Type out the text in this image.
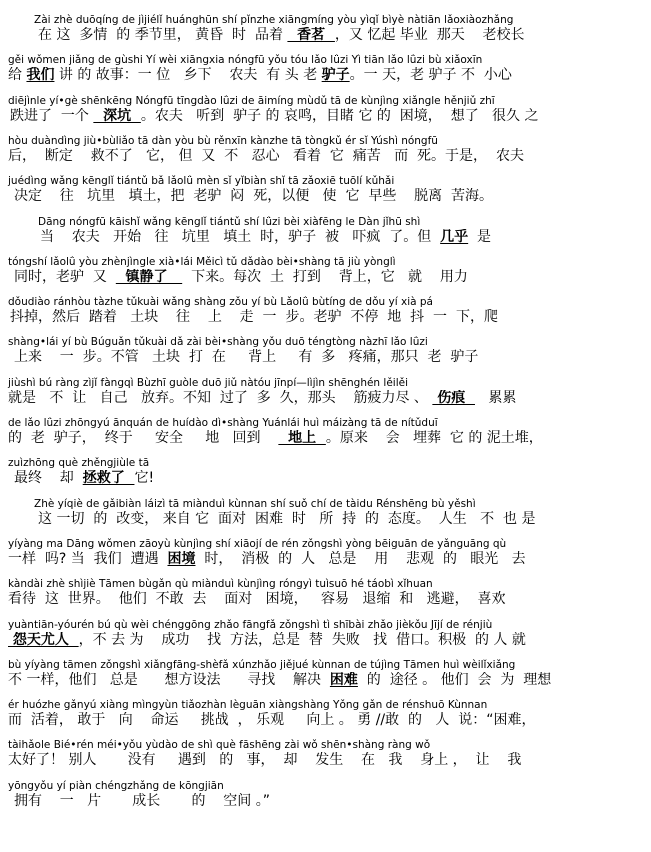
Zài zhè duōqíng de jìjiélǐ huánghūn shí pǐnzhe xiāngmíng yòu yìqǐ bìyè nàtiān lǎoxiàozhǎng
在 这  多情  的 季节里， 黄昏  时  品着   香茗  ，又 忆起 毕业  那天    老校长
gěi wǒmen jiǎng de gùshi Yí wèi xiāngxia nóngfū yǒu tóu lǎo lǘzi Yì tiān lǎo lǘzi bù xiǎoxīn
给 我们 讲 的 故事：一 位   乡下    农夫  有 头 老 驴子。一 天，老 驴子 不  小心
diējìnle yí•gè shēnkēng Nóngfū tīngdào lǘzi de āimíng mùdǔ tā de kùnjìng xiǎngle hěnjiǔ zhī
跌进了  一个   深坑  。农夫   听到  驴子 的 哀鸣，目睹 它 的  困境，  想了   很久 之
hòu duàndìng jiù•bùliǎo tā dàn yòu bù rěnxīn kànzhe tā tòngkǔ ér sǐ Yúshì nóngfū
后，  断定    救不了   它， 但  又  不   忍心   看着  它  痛苦   而  死。于是，  农夫
juédìng wǎng kēnglǐ tiántǔ bǎ lǎolǘ mèn sǐ yǐbiàn shǐ tā zǎoxiē tuōlí kǔhǎi
决定    往   坑里   填土，把  老驴  闷  死，以便   使  它  早些    脱离  苦海。
Dāng nóngfū kāishǐ wǎng kēnglǐ tiántǔ shí lǘzi bèi xiàfēng le Dàn jǐhū shì
当    农夫   开始   往   坑里   填土  时，驴子  被   吓疯  了。但  几乎  是
tóngshí lǎolǘ yòu zhènjìngle xià•lái Měicì tǔ dǎdào bèi•shàng tā jiù yònglì
同时，老驴  又    镇静了     下来。每次  土  打到    背上，它   就    用力
dǒudiào ránhòu tàzhe tǔkuài wǎng shàng zǒu yí bù Lǎolǘ bùtíng de dǒu yí xià pá
抖掉，然后  踏着   土块    往    上    走  一  步。老驴  不停  地  抖  一  下，爬
shàng•lái yí bù Búguǎn tǔkuài dǎ zài bèi•shàng yǒu duō téngtòng nàzhī lǎo lǘzi
上来    一  步。不管   土块  打  在     背上     有  多   疼痛，那只  老  驴子
jiùshì bú ràng zìjǐ fàngqì Bùzhī guòle duō jiǔ nàtóu jīnpí—lìjìn shēnghén lěilěi
就是   不  让   自己   放弃。不知  过了  多  久，那头    筋疲力尽 、  伤痕     累累
de lǎo lǘzi zhōngyú ānquán de huídào dì•shàng Yuánlái huì máizàng tā de nítǔduī
的  老  驴子，  终于     安全     地   回到      地上  。原来    会   埋葬  它 的 泥土堆，
zuìzhōng què zhěngjiùle tā
最终    却  拯救了  它!
Zhè yíqiè de gǎibiàn láizì tā miànduì kùnnan shí suǒ chí de tàidu Rénshēng bù yěshì
这 一切  的  改变， 来自 它  面对  困难  时   所  持  的  态度。  人生   不  也 是
yíyàng ma Dāng wǒmen zāoyù kùnjìng shí xiāojí de rén zǒngshì yòng bēiguān de yǎnguāng qù
一样  吗? 当  我们  遭遇  困境  时，  消极  的  人   总是    用    悲观  的   眼光   去
kàndài zhè shìjiè Tāmen bùgǎn qù miànduì kùnjìng róngyì tuìsuō hé táobì xǐhuan
看待  这  世界。  他们  不敢  去    面对   困境，   容易   退缩  和   逃避，  喜欢
yuàntiān-yóurén bú qù wèi chénggōng zhǎo fāngfǎ zǒngshì tì shībài zhǎo jièkǒu Jījí de rénjiù
怨天尤人  ，不 去 为    成功    找  方法，总是  替  失败   找  借口。积极  的 人 就
bù yíyàng tāmen zǒngshì xiǎngfāng-shèfǎ xúnzhǎo jiějué kùnnan de tújìng Tāmen huì wèilǐxiǎng
不 一样，他们   总是      想方设法      寻找    解决  困难  的  途径 。 他们  会  为  理想
ér huózhe gǎnyú xiàng mìngyùn tiǎozhàn lèguān xiàngshàng Yǒng gǎn de rénshuō Kùnnan
而  活着， 敢于   向    命运     挑战  ， 乐观     向上 。 勇 //敢  的   人  说：“困难，
tàihǎole Bié•rén méi•yǒu yùdào de shì què fāshēng zài wǒ shēn•shàng ràng wǒ
太好了！ 别人       没有     遇到   的   事，  却    发生    在   我    身上 ，  让    我
yōngyǒu yí piàn chéngzhǎng de kōngjiān
拥有    一   片       成长       的    空间 。”
